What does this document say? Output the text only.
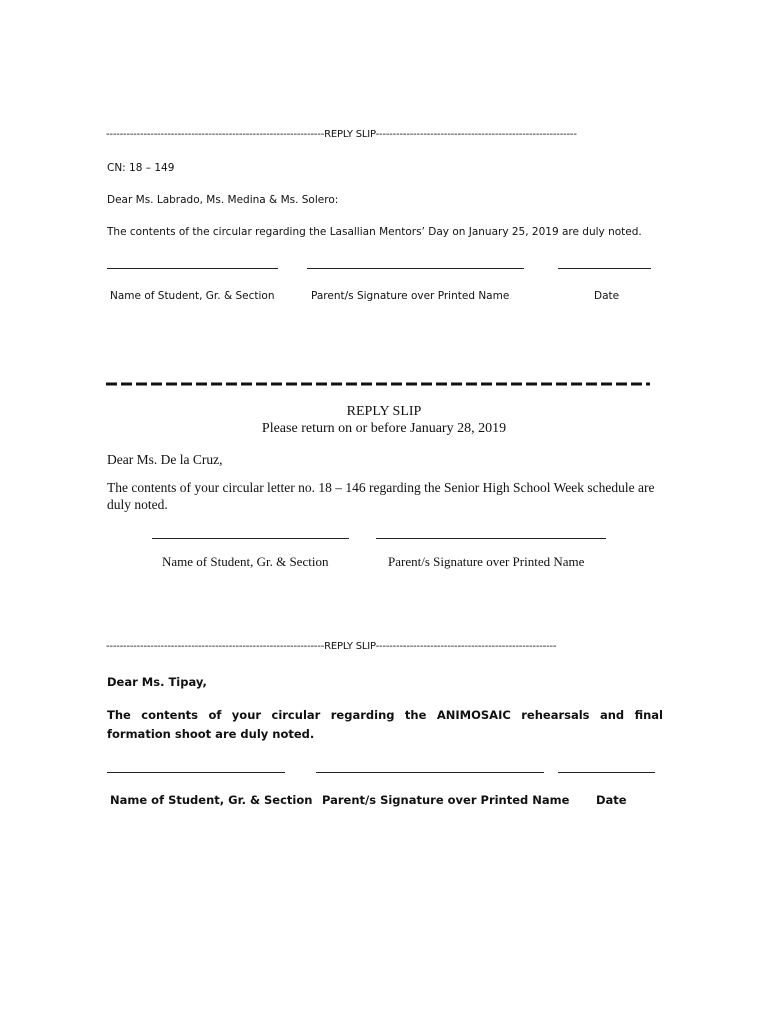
----------------------------------------------------------------REPLY SLIP-----------------------------------------------------------
CN: 18 – 149
Dear Ms. Labrado, Ms. Medina & Ms. Solero:
The contents of the circular regarding the Lasallian Mentors’ Day on January 25, 2019 are duly noted.
Name of Student, Gr. & Section	Parent/s Signature over Printed Name	Date
REPLY SLIP
Please return on or before January 28, 2019
Dear Ms. De la Cruz,
The contents of your circular letter no. 18 – 146 regarding the Senior High School Week schedule are duly noted.
Name of Student, Gr. & Section	Parent/s Signature over Printed Name
----------------------------------------------------------------REPLY SLIP-----------------------------------------------------
Dear Ms. Tipay,
The contents of your circular regarding the ANIMOSAIC rehearsals and final formation shoot are duly noted.
Name of Student, Gr. & Section Parent/s Signature over Printed Name Date
